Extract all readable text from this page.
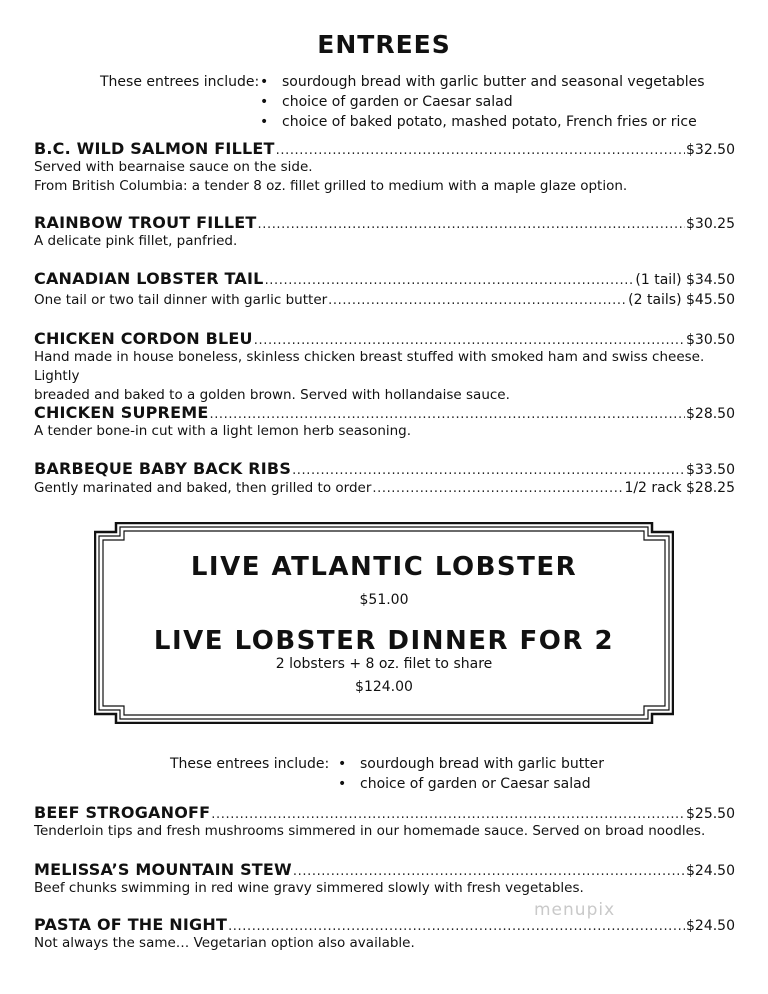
ENTREES
These entrees include:	• sourdough bread with garlic butter and seasonal vegetables
• choice of garden or Caesar salad
• choice of baked potato, mashed potato, French fries or rice
B.C. WILD SALMON FILLET .....	$32.50
Served with bearnaise sauce on the side.
From British Columbia: a tender 8 oz. fillet grilled to medium with a maple glaze option.
RAINBOW TROUT FILLET .....	$30.25
A delicate pink fillet, panfried.
CANADIAN LOBSTER TAIL .....	(1 tail) $34.50
One tail or two tail dinner with garlic butter .....	(2 tails) $45.50
CHICKEN CORDON BLEU .....	$30.50
Hand made in house boneless, skinless chicken breast stuffed with smoked ham and swiss cheese. Lightly
breaded and baked to a golden brown. Served with hollandaise sauce.
CHICKEN SUPREME .....	$28.50
A tender bone-in cut with a light lemon herb seasoning.
BARBEQUE BABY BACK RIBS .....	$33.50
Gently marinated and baked, then grilled to order .....	1/2 rack $28.25
LIVE ATLANTIC LOBSTER
$51.00
LIVE LOBSTER DINNER FOR 2
2 lobsters + 8 oz. filet to share
$124.00
These entrees include:	• sourdough bread with garlic butter
• choice of garden or Caesar salad
BEEF STROGANOFF .....	$25.50
Tenderloin tips and fresh mushrooms simmered in our homemade sauce. Served on broad noodles.
MELISSA’S MOUNTAIN STEW .....	$24.50
Beef chunks swimming in red wine gravy simmered slowly with fresh vegetables.
PASTA OF THE NIGHT .....	$24.50
Not always the same… Vegetarian option also available.
menupix
